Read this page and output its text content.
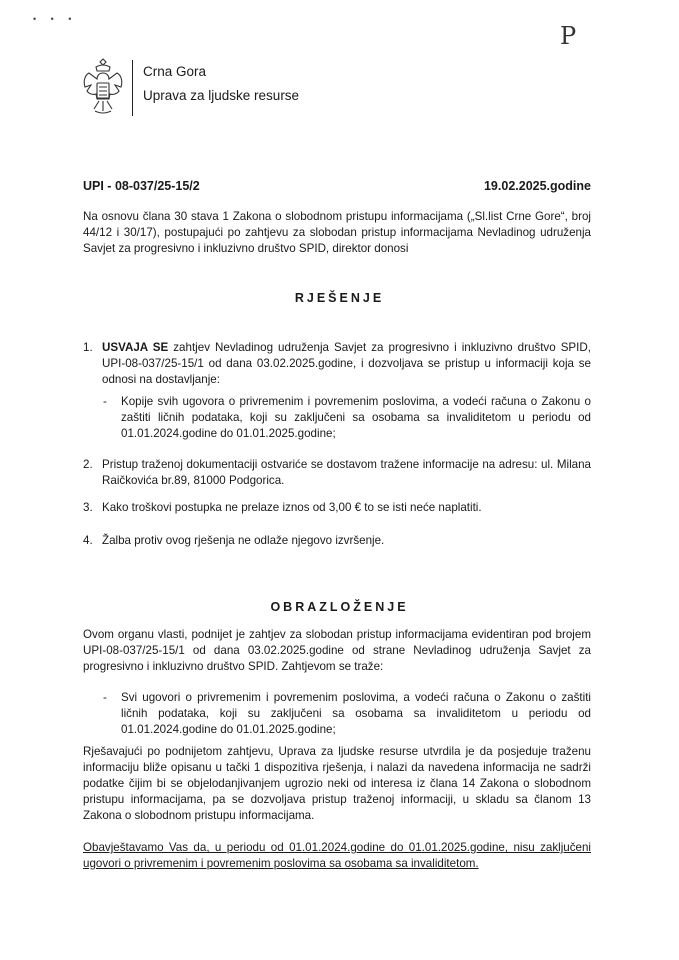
• • •
P
Crna Gora
Uprava za ljudske resurse
UPI - 08-037/25-15/2	19.02.2025.godine
Na osnovu člana 30 stava 1 Zakona o slobodnom pristupu informacijama („Sl.list Crne Gore“, broj 44/12 i 30/17), postupajući po zahtjevu za slobodan pristup informacijama Nevladinog udruženja Savjet za progresivno i inkluzivno društvo SPID, direktor donosi
RJEŠENJE
1. USVAJA SE zahtjev Nevladinog udruženja Savjet za progresivno i inkluzivno društvo SPID, UPI-08-037/25-15/1 od dana 03.02.2025.godine, i dozvoljava se pristup u informaciji koja se odnosi na dostavljanje:
- Kopije svih ugovora o privremenim i povremenim poslovima, a vodeći računa o Zakonu o zaštiti ličnih podataka, koji su zaključeni sa osobama sa invaliditetom u periodu od 01.01.2024.godine do 01.01.2025.godine;
2. Pristup traženoj dokumentaciji ostvariće se dostavom tražene informacije na adresu: ul. Milana Raičkovića br.89, 81000 Podgorica.
3. Kako troškovi postupka ne prelaze iznos od 3,00 € to se isti neće naplatiti.
4. Žalba protiv ovog rješenja ne odlaže njegovo izvršenje.
OBRAZLOŽENJE
Ovom organu vlasti, podnijet je zahtjev za slobodan pristup informacijama evidentiran pod brojem UPI-08-037/25-15/1 od dana 03.02.2025.godine od strane Nevladinog udruženja Savjet za progresivno i inkluzivno društvo SPID. Zahtjevom se traže:
- Svi ugovori o privremenim i povremenim poslovima, a vodeći računa o Zakonu o zaštiti ličnih podataka, koji su zaključeni sa osobama sa invaliditetom u periodu od 01.01.2024.godine do 01.01.2025.godine;
Rješavajući po podnijetom zahtjevu, Uprava za ljudske resurse utvrdila je da posjeduje traženu informaciju bliže opisanu u tački 1 dispozitiva rješenja, i nalazi da navedena informacija ne sadrži podatke čijim bi se objelodanjivanjem ugrozio neki od interesa iz člana 14 Zakona o slobodnom pristupu informacijama, pa se dozvoljava pristup traženoj informaciji, u skladu sa članom 13 Zakona o slobodnom pristupu informacijama.
Obavještavamo Vas da, u periodu od 01.01.2024.godine do 01.01.2025.godine, nisu zaključeni ugovori o privremenim i povremenim poslovima sa osobama sa invaliditetom.
